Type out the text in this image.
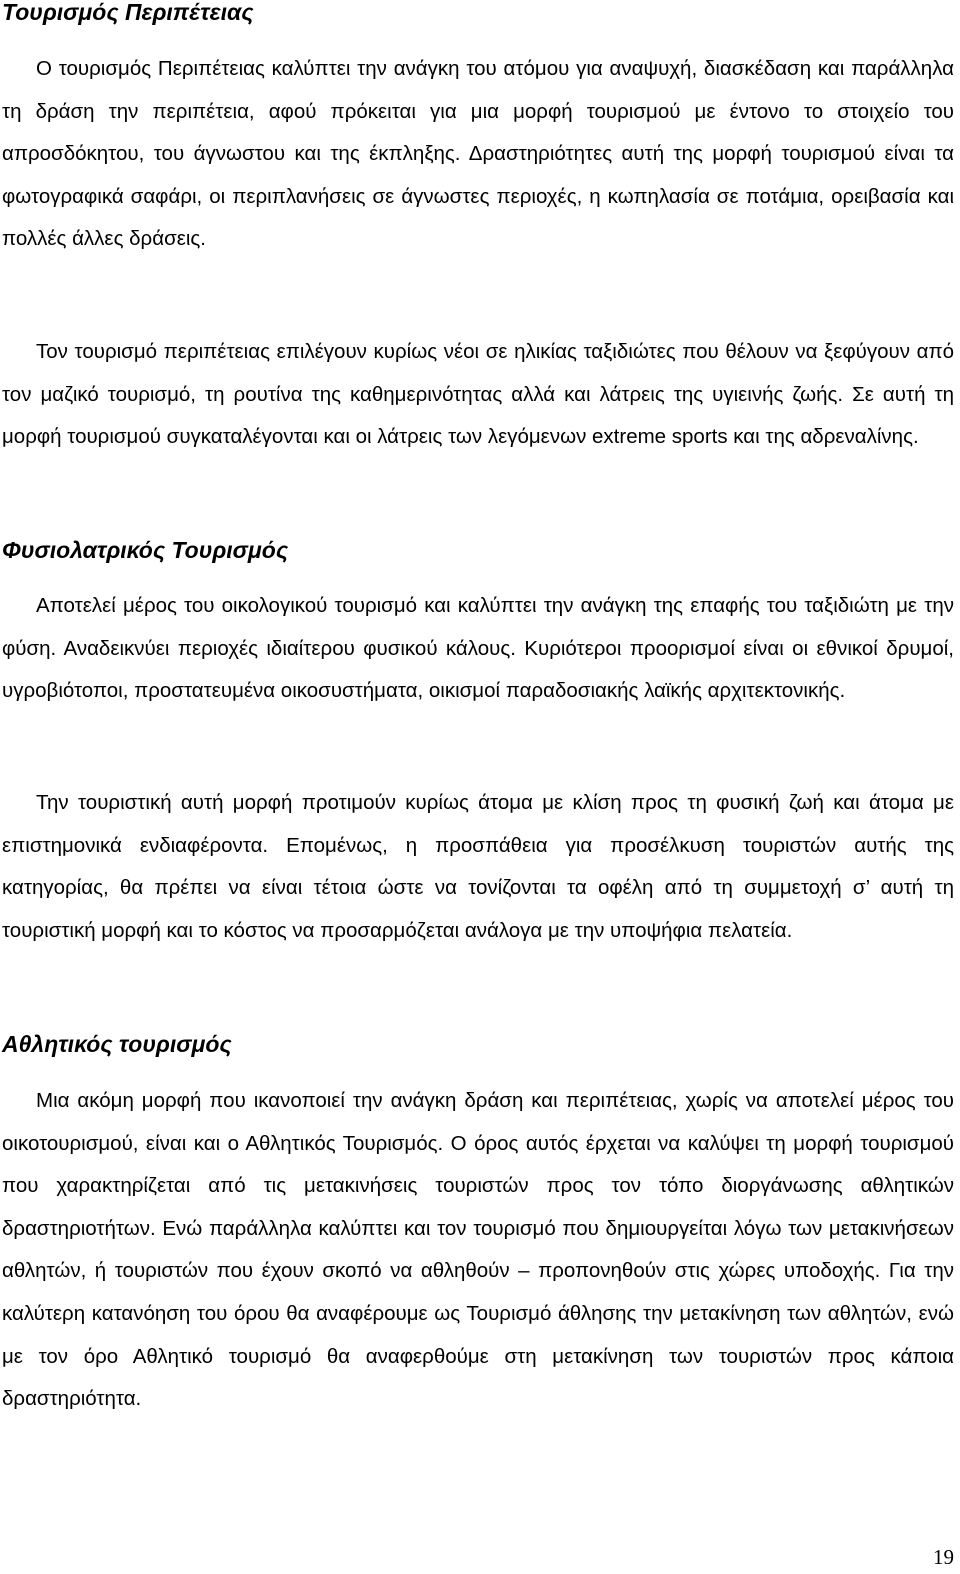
Τουρισμός Περιπέτειας

Ο τουρισμός Περιπέτειας καλύπτει την ανάγκη του ατόμου για αναψυχή, διασκέδαση και παράλληλα τη δράση την περιπέτεια, αφού πρόκειται για μια μορφή τουρισμού με έντονο το στοιχείο του απροσδόκητου, του άγνωστου και της έκπληξης. Δραστηριότητες αυτή της μορφή τουρισμού είναι τα φωτογραφικά σαφάρι, οι περιπλανήσεις σε άγνωστες περιοχές, η κωπηλασία σε ποτάμια, ορειβασία και πολλές άλλες δράσεις.

Τον τουρισμό περιπέτειας επιλέγουν κυρίως νέοι σε ηλικίας ταξιδιώτες που θέλουν να ξεφύγουν από τον μαζικό τουρισμό, τη ρουτίνα της καθημερινότητας αλλά και λάτρεις της υγιεινής ζωής. Σε αυτή τη μορφή τουρισμού συγκαταλέγονται και οι λάτρεις των λεγόμενων extreme sports και της αδρεναλίνης.

Φυσιολατρικός Τουρισμός

Αποτελεί μέρος του οικολογικού τουρισμό και καλύπτει την ανάγκη της επαφής του ταξιδιώτη με την φύση. Αναδεικνύει περιοχές ιδιαίτερου φυσικού κάλους. Κυριότεροι προορισμοί είναι οι εθνικοί δρυμοί, υγροβιότοποι, προστατευμένα οικοσυστήματα, οικισμοί παραδοσιακής λαϊκής αρχιτεκτονικής.

Την τουριστική αυτή μορφή προτιμούν κυρίως άτομα με κλίση προς τη φυσική ζωή και άτομα με επιστημονικά ενδιαφέροντα. Επομένως, η προσπάθεια για προσέλκυση τουριστών αυτής της κατηγορίας, θα πρέπει να είναι τέτοια ώστε να τονίζονται τα οφέλη από τη συμμετοχή σ’ αυτή τη τουριστική μορφή και το κόστος να προσαρμόζεται ανάλογα με την υποψήφια πελατεία.

Αθλητικός τουρισμός

Μια ακόμη μορφή που ικανοποιεί την ανάγκη δράση και περιπέτειας, χωρίς να αποτελεί μέρος του οικοτουρισμού, είναι και ο Αθλητικός Τουρισμός. Ο όρος αυτός έρχεται να καλύψει τη μορφή τουρισμού που χαρακτηρίζεται από τις μετακινήσεις τουριστών προς τον τόπο διοργάνωσης αθλητικών δραστηριοτήτων. Ενώ παράλληλα καλύπτει και τον τουρισμό που δημιουργείται λόγω των μετακινήσεων αθλητών, ή τουριστών που έχουν σκοπό να αθληθούν – προπονηθούν στις χώρες υποδοχής. Για την καλύτερη κατανόηση του όρου θα αναφέρουμε ως Τουρισμό άθλησης την μετακίνηση των αθλητών, ενώ με τον όρο Αθλητικό τουρισμό θα αναφερθούμε στη μετακίνηση των τουριστών προς κάποια δραστηριότητα.

19
